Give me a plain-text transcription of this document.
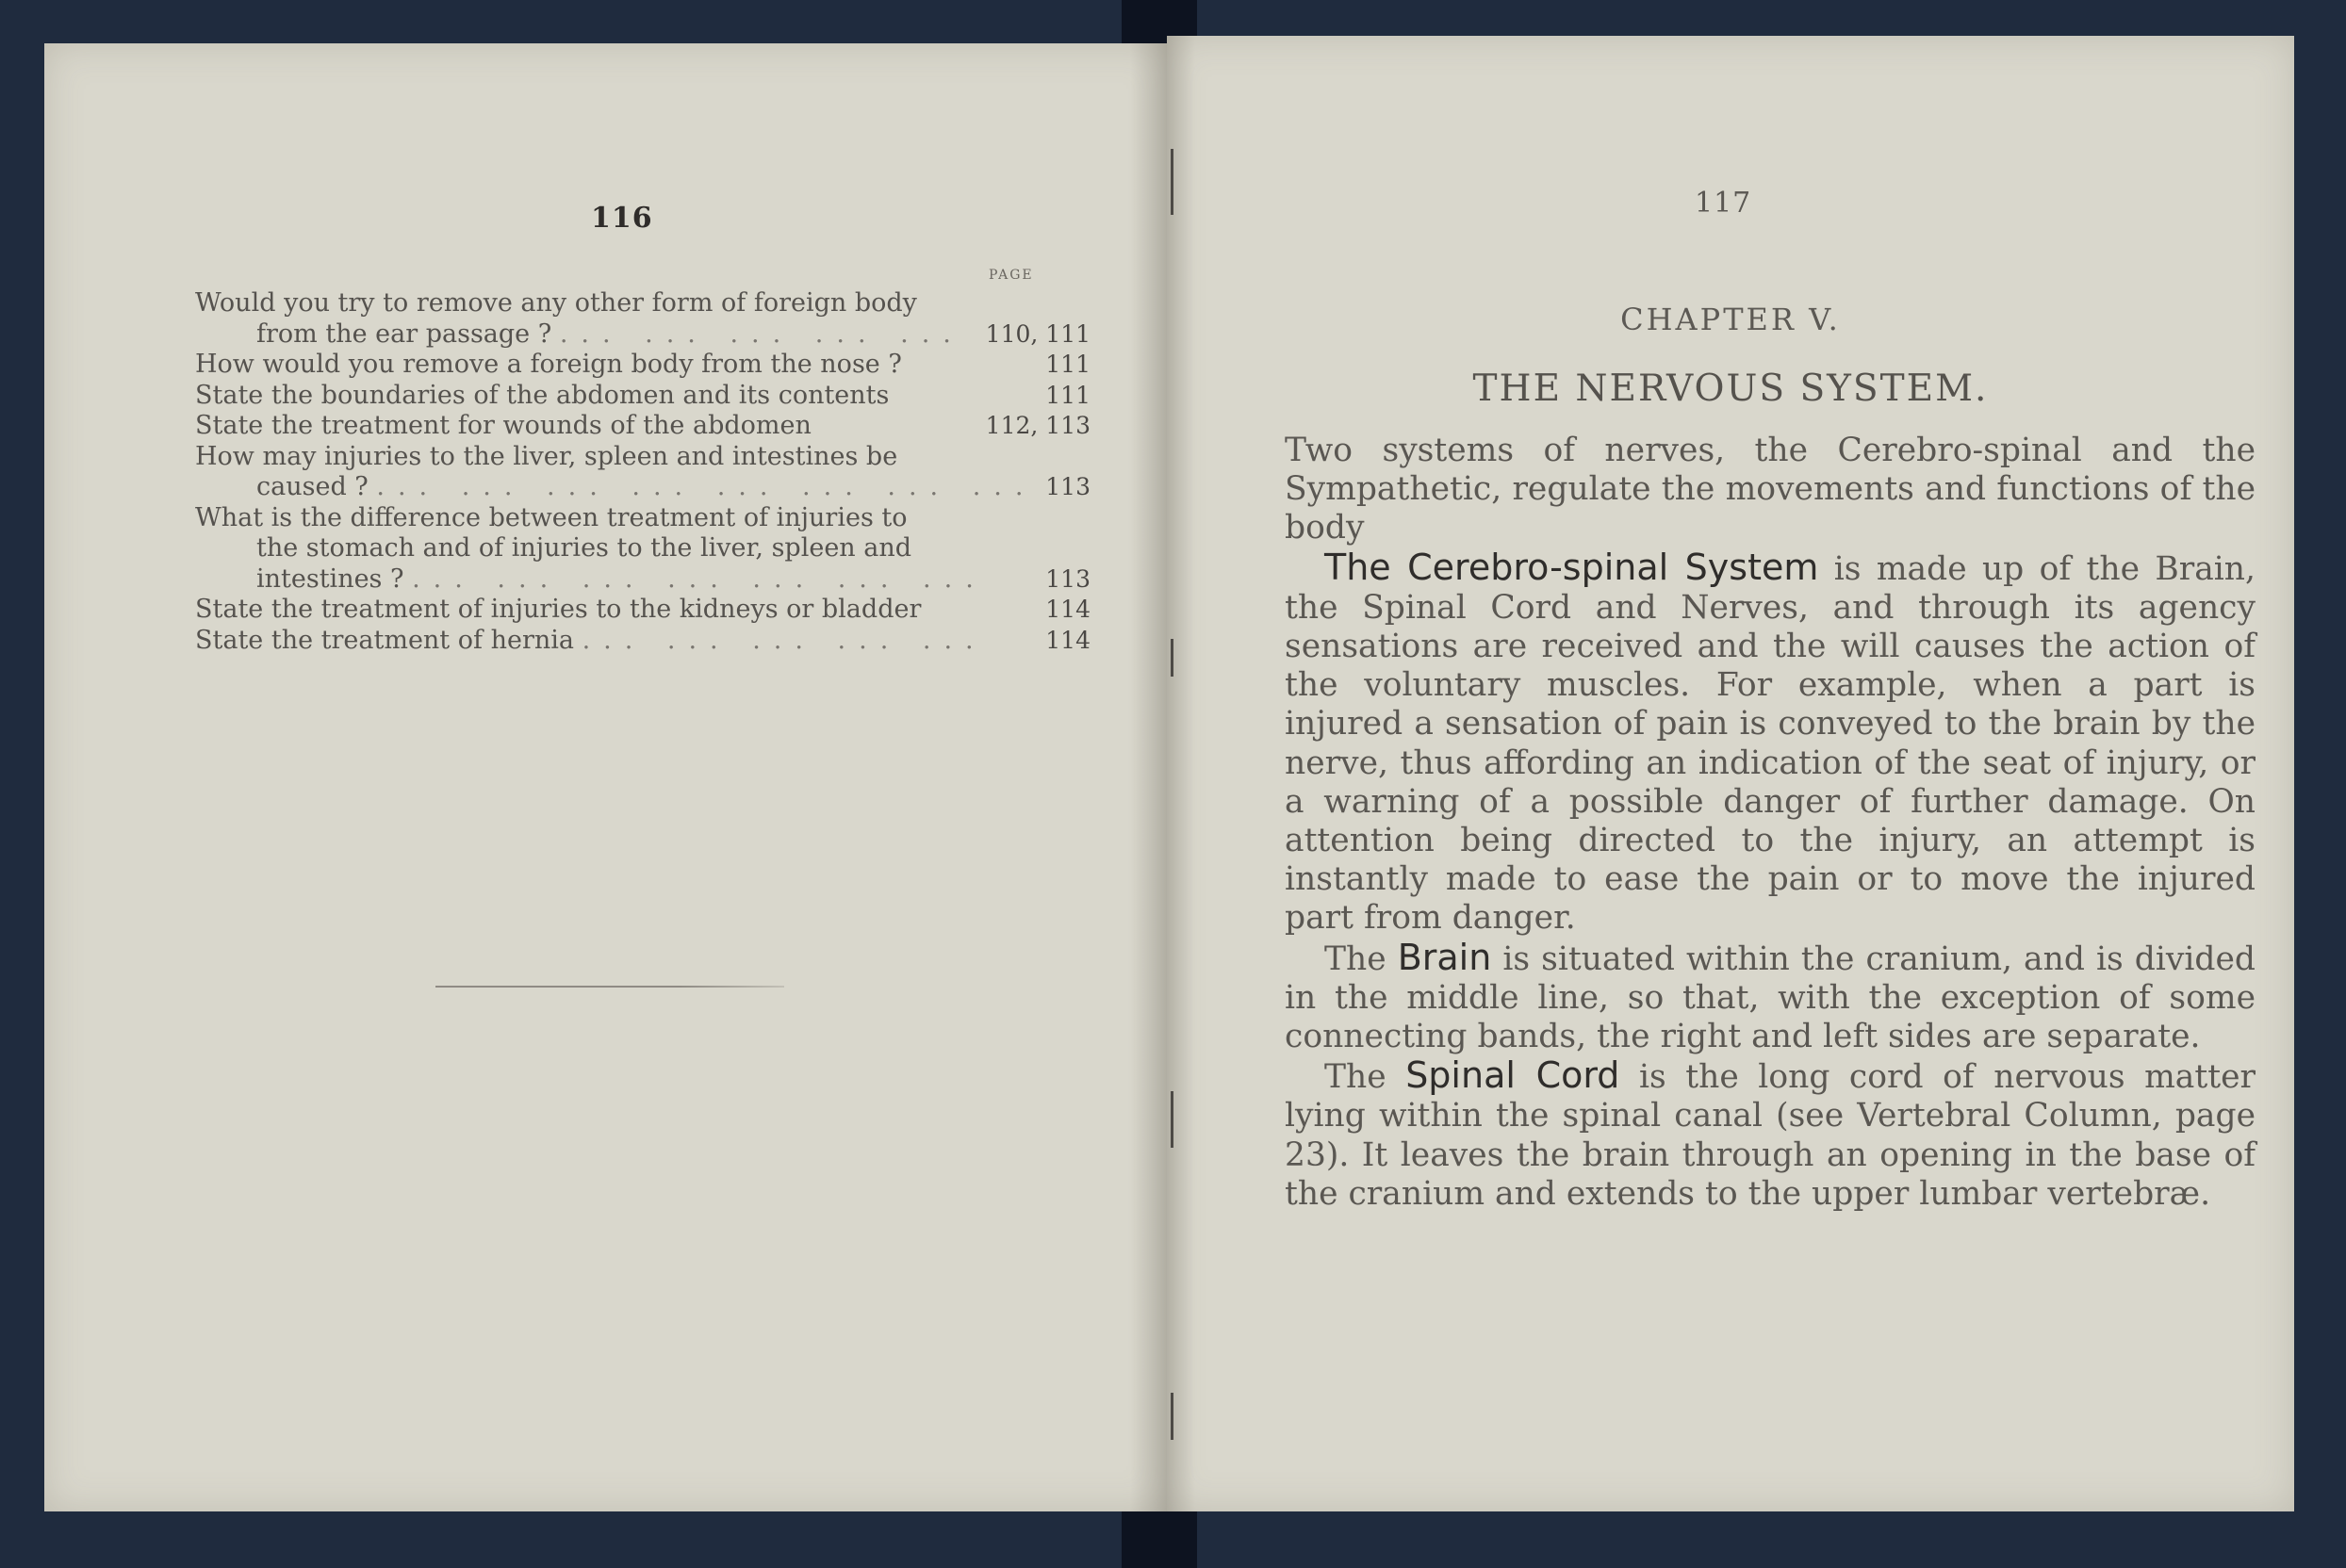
116
PAGE
Would you try to remove any other form of foreign body
from the ear passage ? ... ... ... ... ... 110, 111
How would you remove a foreign body from the nose ?	111
State the boundaries of the abdomen and its contents	111
State the treatment for wounds of the abdomen	112, 113
How may injuries to the liver, spleen and intestines be
caused ? ... ... ... ... ... ... ... ... 113
What is the difference between treatment of injuries to
the stomach and of injuries to the liver, spleen and
intestines ? ... ... ... ... ... ... ...	113
State the treatment of injuries to the kidneys or bladder	114
State the treatment of hernia ... ... ... ... ...	114
117
CHAPTER V.
THE NERVOUS SYSTEM.

Two systems of nerves, the Cerebro-spinal and the Sympathetic, regulate the movements and functions of the body

The Cerebro-spinal System is made up of the Brain, the Spinal Cord and Nerves, and through its agency sensations are received and the will causes the action of the voluntary muscles. For example, when a part is injured a sensation of pain is conveyed to the brain by the nerve, thus affording an indication of the seat of injury, or a warning of a possible danger of further damage. On attention being directed to the injury, an attempt is instantly made to ease the pain or to move the injured part from danger.

The Brain is situated within the cranium, and is divided in the middle line, so that, with the exception of some connecting bands, the right and left sides are separate.

The Spinal Cord is the long cord of nervous matter lying within the spinal canal (see Vertebral Column, page 23). It leaves the brain through an opening in the base of the cranium and extends to the upper lumbar vertebræ.
